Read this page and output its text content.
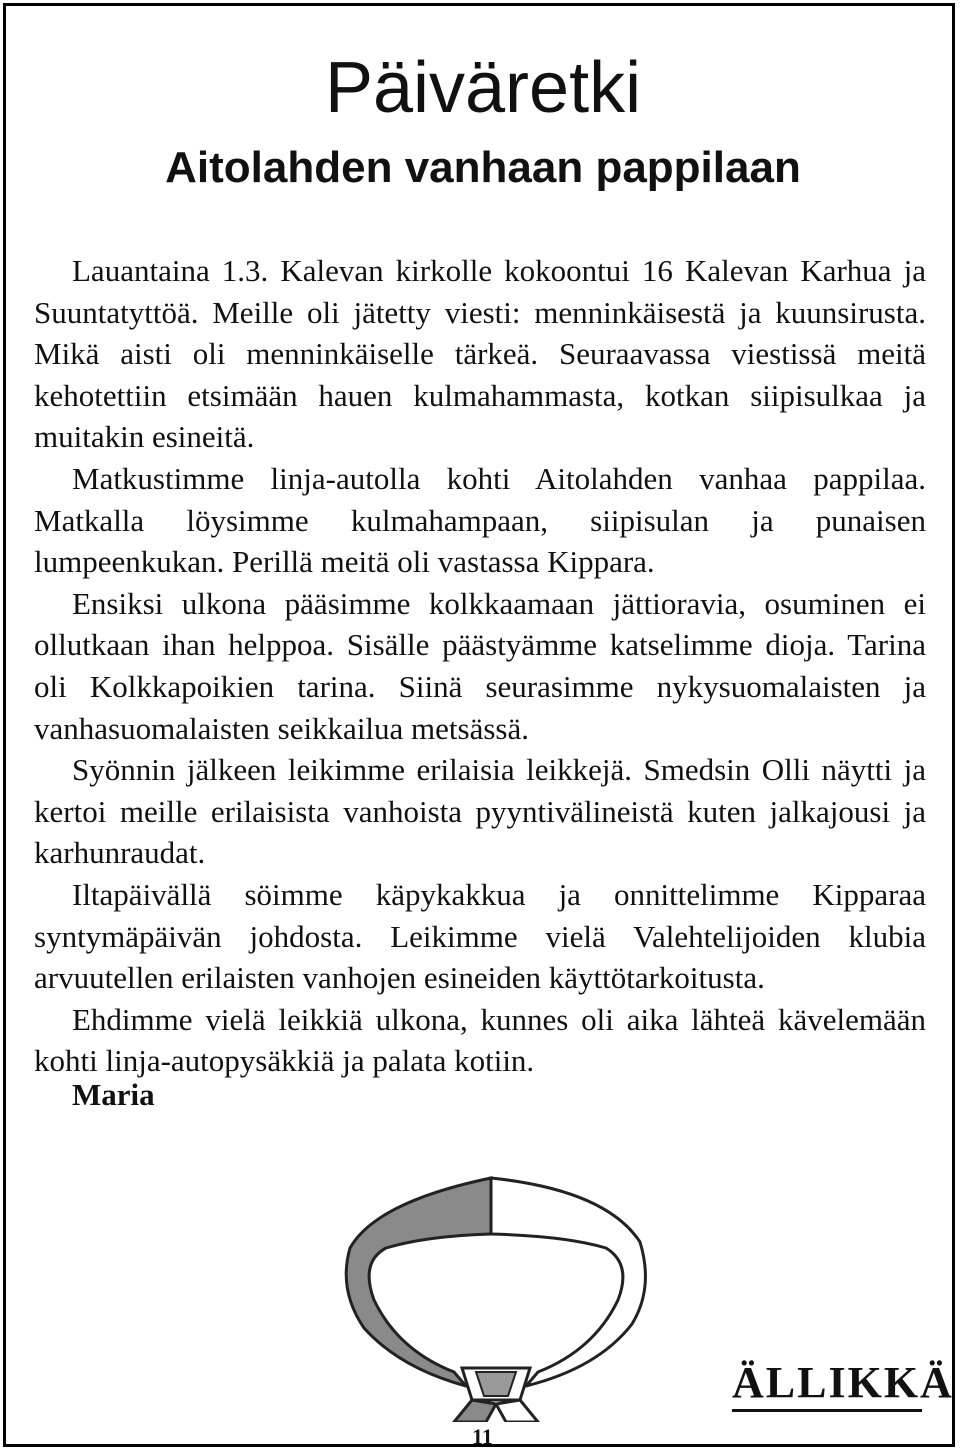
Päiväretki
Aitolahden vanhaan pappilaan

Lauantaina 1.3. Kalevan kirkolle kokoontui 16 Kalevan Karhua ja Suuntatyttöä. Meille oli jätetty viesti: menninkäisestä ja kuunsirusta. Mikä aisti oli menninkäiselle tärkeä. Seuraavassa viestissä meitä kehotettiin etsimään hauen kulmahammasta, kotkan siipisulkaa ja muitakin esineitä.

Matkustimme linja-autolla kohti Aitolahden vanhaa pappilaa. Matkalla löysimme kulmahampaan, siipisulan ja punaisen lumpeenkukan. Perillä meitä oli vastassa Kippara.

Ensiksi ulkona pääsimme kolkkaamaan jättioravia, osuminen ei ollutkaan ihan helppoa. Sisälle päästyämme katselimme dioja. Tarina oli Kolkkapoikien tarina. Siinä seurasimme nykysuomalaisten ja vanhasuomalaisten seikkailua metsässä.

Syönnin jälkeen leikimme erilaisia leikkejä. Smedsin Olli näytti ja kertoi meille erilaisista vanhoista pyyntivälineistä kuten jalkajousi ja karhunraudat.

Iltapäivällä söimme käpykakkua ja onnittelimme Kipparaa syntymäpäivän johdosta. Leikimme vielä Valehtelijoiden klubia arvuutellen erilaisten vanhojen esineiden käyttötarkoitusta.

Ehdimme vielä leikkiä ulkona, kunnes oli aika lähteä kävelemään kohti linja-autopysäkkiä ja palata kotiin.

Maria
ÄLLIKKÄ
11
